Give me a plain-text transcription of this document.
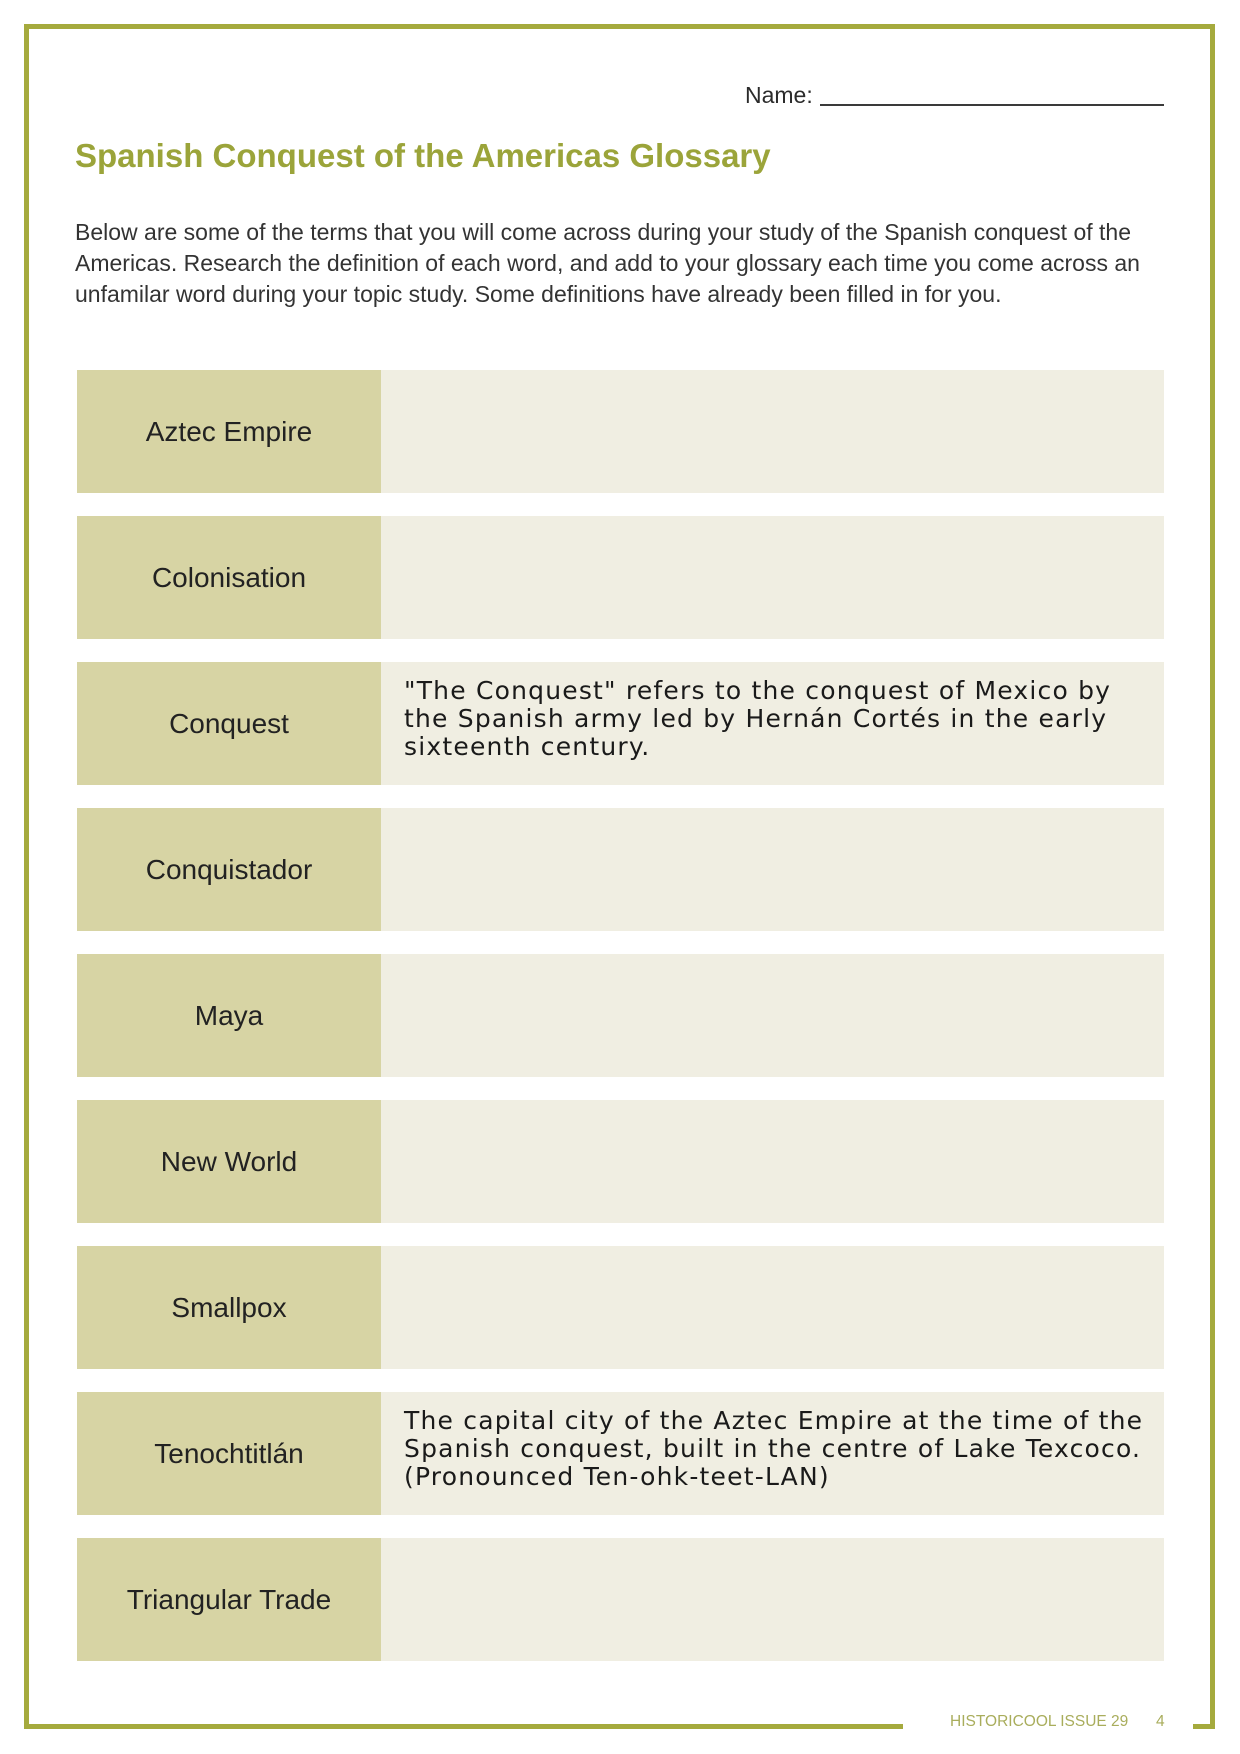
Name:
Spanish Conquest of the Americas Glossary

Below are some of the terms that you will come across during your study of the Spanish conquest of the Americas. Research the definition of each word, and add to your glossary each time you come across an unfamilar word during your topic study. Some definitions have already been filled in for you.

Aztec Empire
Colonisation
Conquest
"The Conquest" refers to the conquest of Mexico by
the Spanish army led by Hernán Cortés in the early
sixteenth century.
Conquistador
Maya
New World
Smallpox
Tenochtitlán
The capital city of the Aztec Empire at the time of the
Spanish conquest, built in the centre of Lake Texcoco.
(Pronounced Ten-ohk-teet-LAN)
Triangular Trade
HISTORICOOL ISSUE 29 4
